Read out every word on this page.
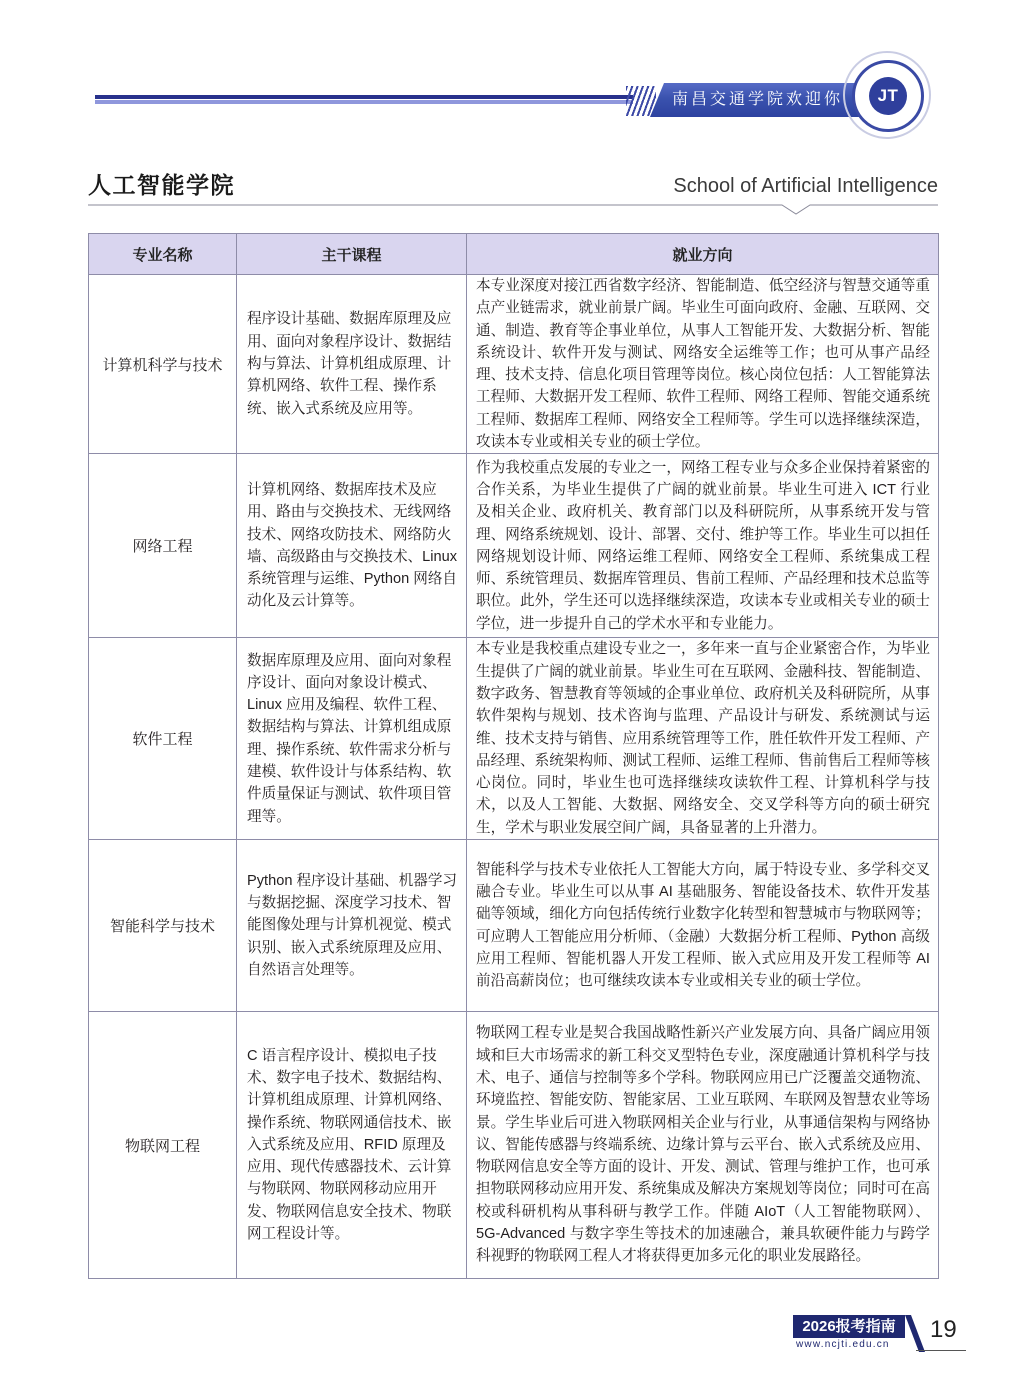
南昌交通学院欢迎你	JT
人工智能学院	School of Artificial Intelligence
专业名称	主干课程	就业方向
计算机科学与技术	程序设计基础、数据库原理及应用、面向对象程序设计、数据结构与算法、计算机组成原理、计算机网络、软件工程、操作系统、嵌入式系统及应用等。	本专业深度对接江西省数字经济、智能制造、低空经济与智慧交通等重点产业链需求，就业前景广阔。毕业生可面向政府、金融、互联网、交通、制造、教育等企事业单位，从事人工智能开发、大数据分析、智能系统设计、软件开发与测试、网络安全运维等工作；也可从事产品经理、技术支持、信息化项目管理等岗位。核心岗位包括：人工智能算法工程师、大数据开发工程师、软件工程师、网络工程师、智能交通系统工程师、数据库工程师、网络安全工程师等。学生可以选择继续深造，攻读本专业或相关专业的硕士学位。
网络工程	计算机网络、数据库技术及应用、路由与交换技术、无线网络技术、网络攻防技术、网络防火墙、高级路由与交换技术、Linux 系统管理与运维、Python 网络自动化及云计算等。	作为我校重点发展的专业之一，网络工程专业与众多企业保持着紧密的合作关系，为毕业生提供了广阔的就业前景。毕业生可进入 ICT 行业及相关企业、政府机关、教育部门以及科研院所，从事系统开发与管理、网络系统规划、设计、部署、交付、维护等工作。毕业生可以担任网络规划设计师、网络运维工程师、网络安全工程师、系统集成工程师、系统管理员、数据库管理员、售前工程师、产品经理和技术总监等职位。此外，学生还可以选择继续深造，攻读本专业或相关专业的硕士学位，进一步提升自己的学术水平和专业能力。
软件工程	数据库原理及应用、面向对象程序设计、面向对象设计模式、Linux 应用及编程、软件工程、数据结构与算法、计算机组成原理、操作系统、软件需求分析与建模、软件设计与体系结构、软件质量保证与测试、软件项目管理等。	本专业是我校重点建设专业之一，多年来一直与企业紧密合作，为毕业生提供了广阔的就业前景。毕业生可在互联网、金融科技、智能制造、数字政务、智慧教育等领域的企事业单位、政府机关及科研院所，从事软件架构与规划、技术咨询与监理、产品设计与研发、系统测试与运维、技术支持与销售、应用系统管理等工作，胜任软件开发工程师、产品经理、系统架构师、测试工程师、运维工程师、售前售后工程师等核心岗位。同时，毕业生也可选择继续攻读软件工程、计算机科学与技术，以及人工智能、大数据、网络安全、交叉学科等方向的硕士研究生，学术与职业发展空间广阔，具备显著的上升潜力。
智能科学与技术	Python 程序设计基础、机器学习与数据挖掘、深度学习技术、智能图像处理与计算机视觉、模式识别、嵌入式系统原理及应用、自然语言处理等。	智能科学与技术专业依托人工智能大方向，属于特设专业、多学科交叉融合专业。毕业生可以从事 AI 基础服务、智能设备技术、软件开发基础等领域，细化方向包括传统行业数字化转型和智慧城市与物联网等；可应聘人工智能应用分析师、（金融）大数据分析工程师、Python 高级应用工程师、智能机器人开发工程师、嵌入式应用及开发工程师等 AI 前沿高薪岗位；也可继续攻读本专业或相关专业的硕士学位。
物联网工程	C 语言程序设计、模拟电子技术、数字电子技术、数据结构、计算机组成原理、计算机网络、操作系统、物联网通信技术、嵌入式系统及应用、RFID 原理及应用、现代传感器技术、云计算与物联网、物联网移动应用开发、物联网信息安全技术、物联网工程设计等。	物联网工程专业是契合我国战略性新兴产业发展方向、具备广阔应用领域和巨大市场需求的新工科交叉型特色专业，深度融通计算机科学与技术、电子、通信与控制等多个学科。物联网应用已广泛覆盖交通物流、环境监控、智能安防、智能家居、工业互联网、车联网及智慧农业等场景。学生毕业后可进入物联网相关企业与行业，从事通信架构与网络协议、智能传感器与终端系统、边缘计算与云平台、嵌入式系统及应用、物联网信息安全等方面的设计、开发、测试、管理与维护工作，也可承担物联网移动应用开发、系统集成及解决方案规划等岗位；同时可在高校或科研机构从事科研与教学工作。伴随 AIoT（人工智能物联网）、5G-Advanced 与数字孪生等技术的加速融合，兼具软硬件能力与跨学科视野的物联网工程人才将获得更加多元化的职业发展路径。
2026报考指南
www.ncjti.edu.cn
19
